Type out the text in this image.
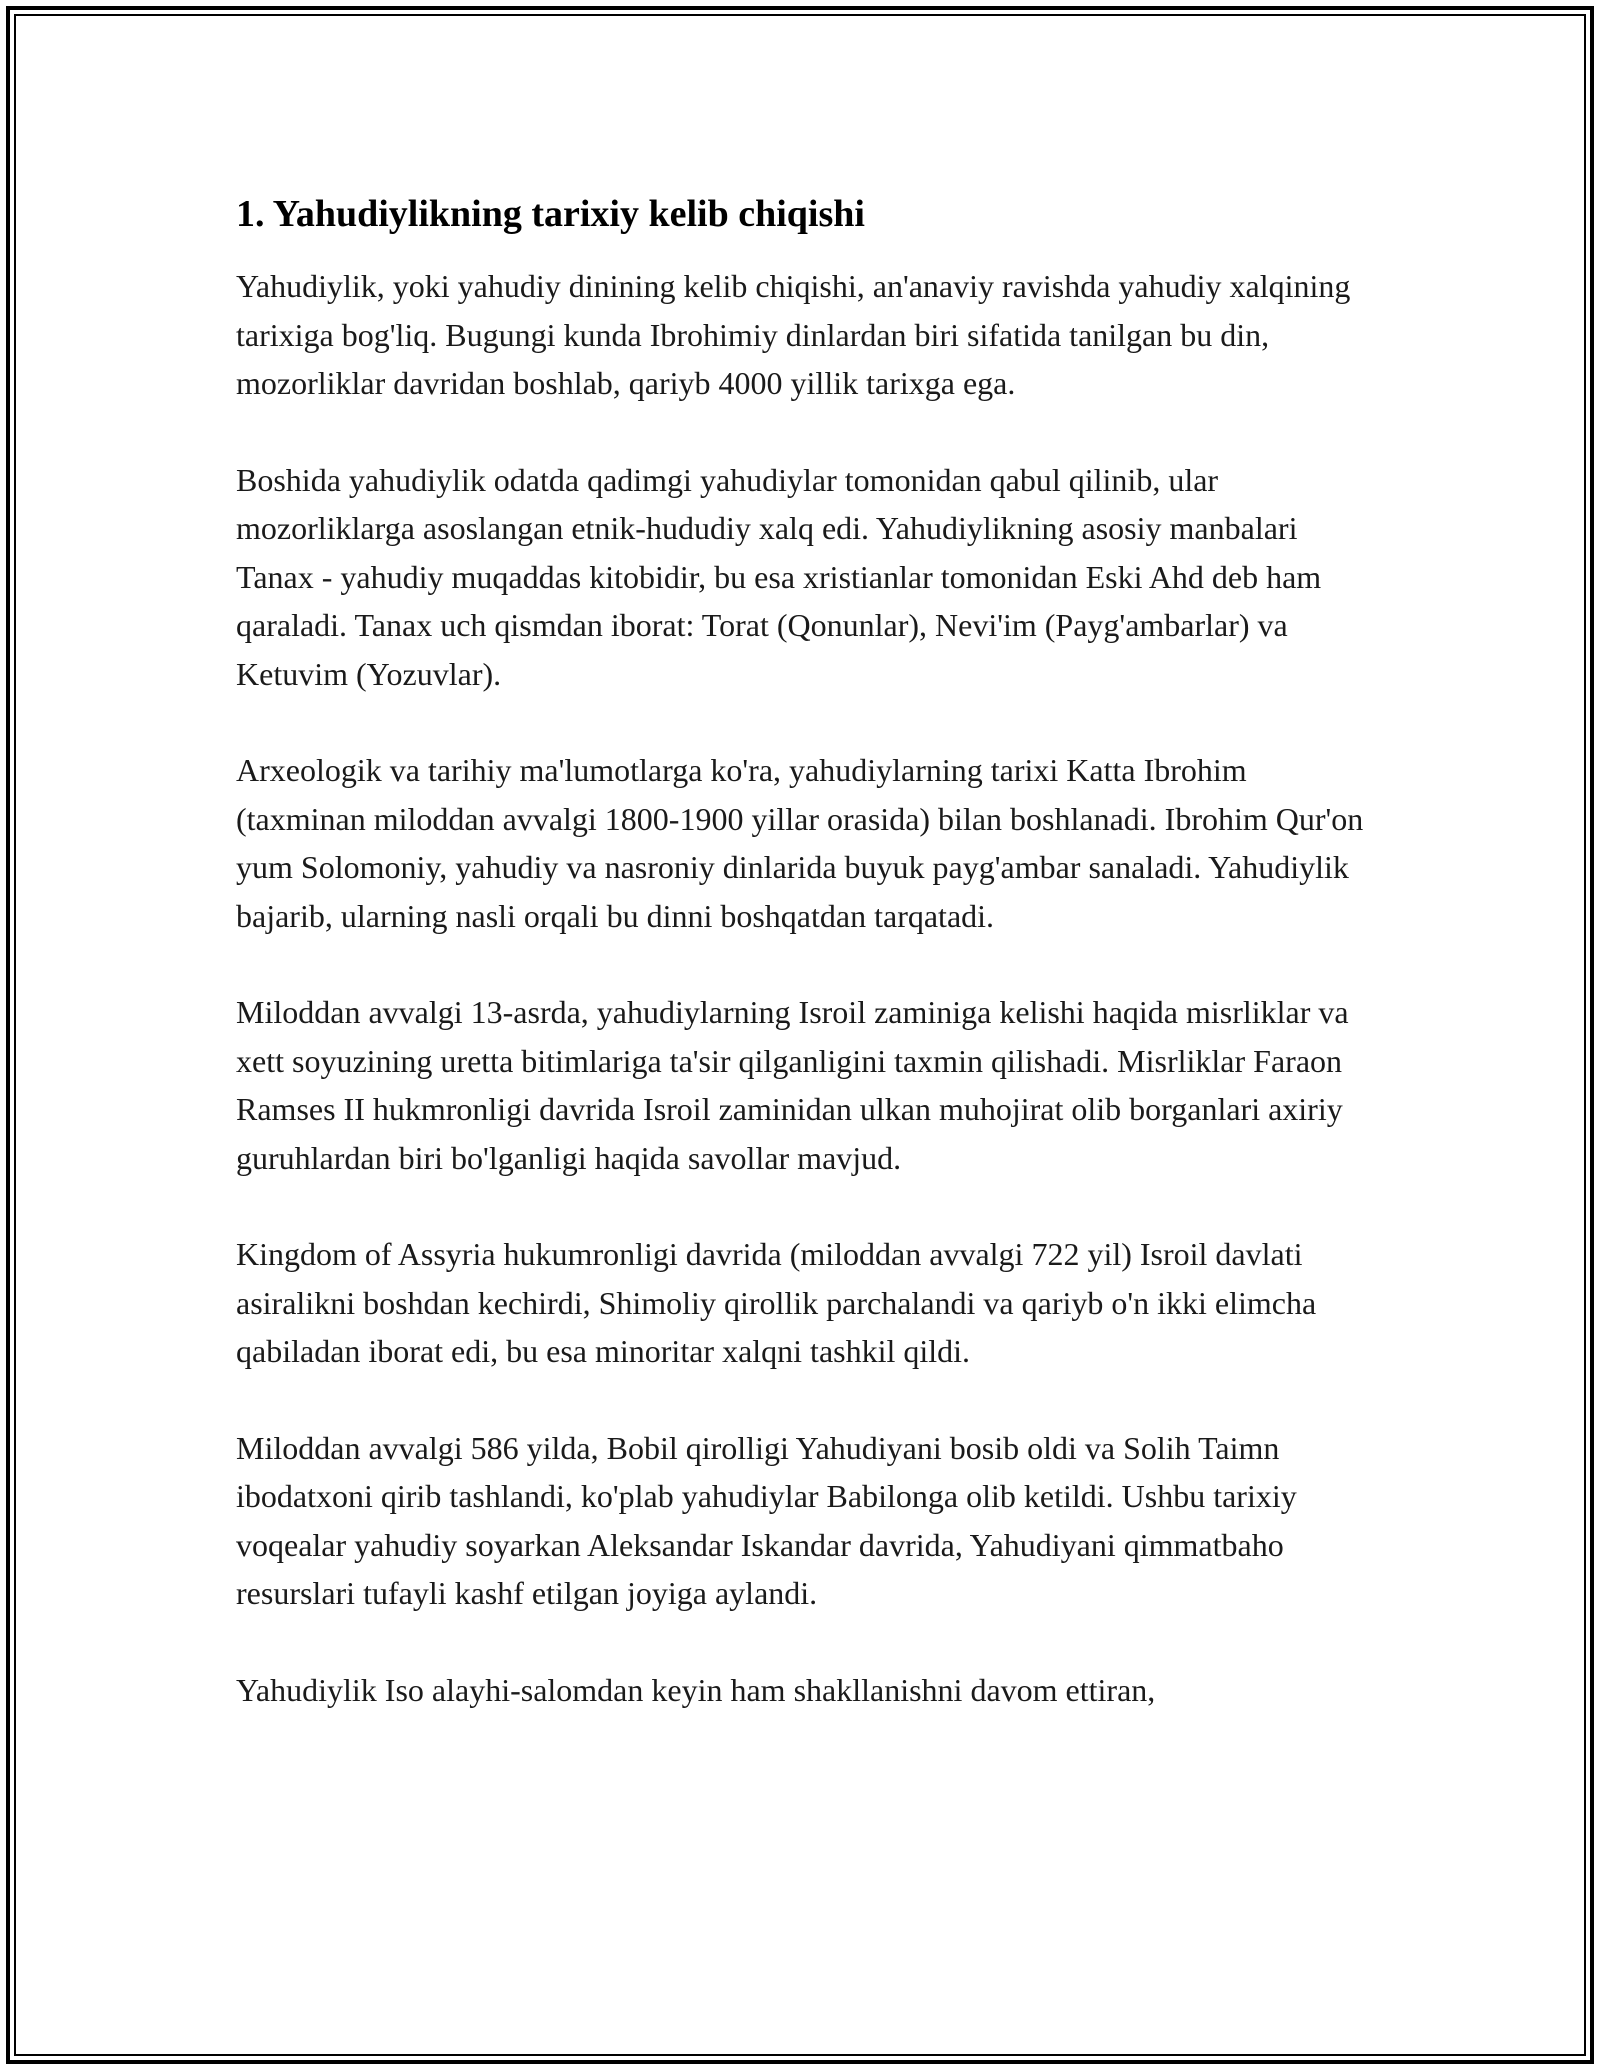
1. Yahudiylikning tarixiy kelib chiqishi

Yahudiylik, yoki yahudiy dinining kelib chiqishi, an'anaviy ravishda yahudiy xalqining tarixiga bog'liq. Bugungi kunda Ibrohimiy dinlardan biri sifatida tanilgan bu din, mozorliklar davridan boshlab, qariyb 4000 yillik tarixga ega.

Boshida yahudiylik odatda qadimgi yahudiylar tomonidan qabul qilinib, ular mozorliklarga asoslangan etnik-hududiy xalq edi. Yahudiylikning asosiy manbalari Tanax - yahudiy muqaddas kitobidir, bu esa xristianlar tomonidan Eski Ahd deb ham qaraladi. Tanax uch qismdan iborat: Torat (Qonunlar), Nevi'im (Payg'ambarlar) va Ketuvim (Yozuvlar).

Arxeologik va tarihiy ma'lumotlarga ko'ra, yahudiylarning tarixi Katta Ibrohim (taxminan miloddan avvalgi 1800-1900 yillar orasida) bilan boshlanadi. Ibrohim Qur'on yum Solomoniy, yahudiy va nasroniy dinlarida buyuk payg'ambar sanaladi. Yahudiylik bajarib, ularning nasli orqali bu dinni boshqatdan tarqatadi.

Miloddan avvalgi 13-asrda, yahudiylarning Isroil zaminiga kelishi haqida misrliklar va xett soyuzining uretta bitimlariga ta'sir qilganligini taxmin qilishadi. Misrliklar Faraon Ramses II hukmronligi davrida Isroil zaminidan ulkan muhojirat olib borganlari axiriy guruhlardan biri bo'lganligi haqida savollar mavjud.

Kingdom of Assyria hukumronligi davrida (miloddan avvalgi 722 yil) Isroil davlati asiralikni boshdan kechirdi, Shimoliy qirollik parchalandi va qariyb o'n ikki elimcha qabiladan iborat edi, bu esa minoritar xalqni tashkil qildi.

Miloddan avvalgi 586 yilda, Bobil qirolligi Yahudiyani bosib oldi va Solih Taimn ibodatxoni qirib tashlandi, ko'plab yahudiylar Babilonga olib ketildi. Ushbu tarixiy voqealar yahudiy soyarkan Aleksandar Iskandar davrida, Yahudiyani qimmatbaho resurslari tufayli kashf etilgan joyiga aylandi.

Yahudiylik Iso alayhi-salomdan keyin ham shakllanishni davom ettiran,
